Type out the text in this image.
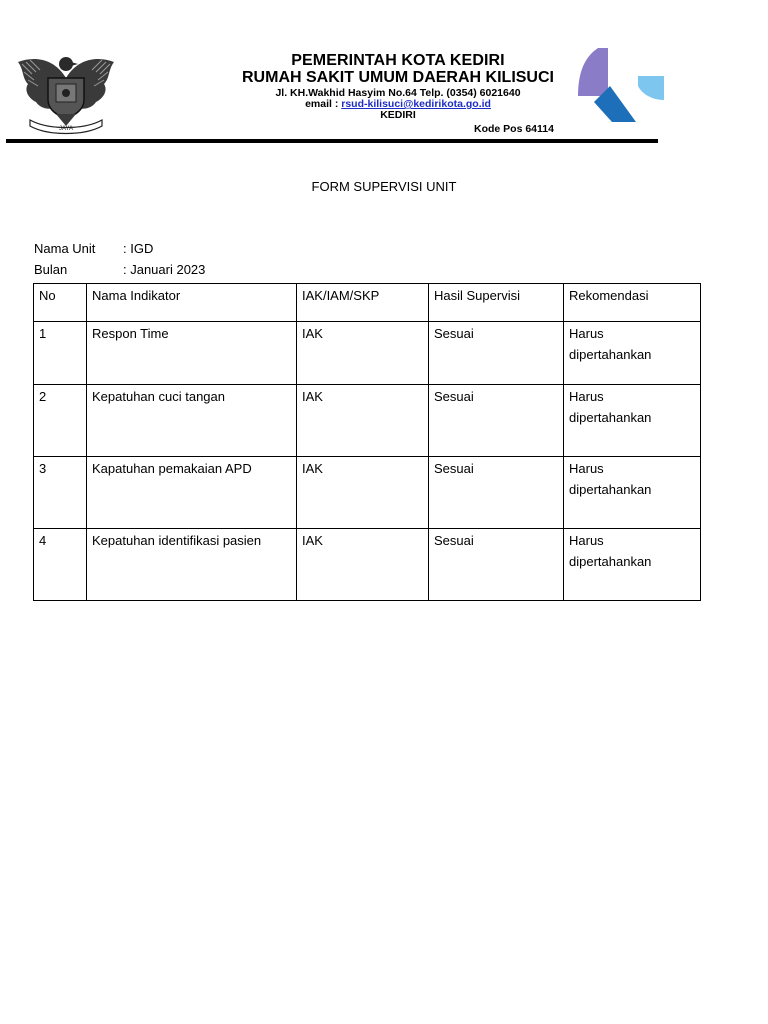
JAYA
PEMERINTAH KOTA KEDIRI
RUMAH SAKIT UMUM DAERAH KILISUCI
Jl. KH.Wakhid Hasyim No.64 Telp. (0354) 6021640
email : rsud-kilisuci@kedirikota.go.id
KEDIRI
Kode Pos 64114
FORM SUPERVISI UNIT
Nama Unit : IGD
Bulan	: Januari 2023
No	Nama Indikator	IAK/IAM/SKP	Hasil Supervisi	Rekomendasi
1	Respon Time	IAK	Sesuai	Harus
dipertahankan

2	Kepatuhan cuci tangan	IAK	Sesuai	Harus
dipertahankan

3	Kapatuhan pemakaian APD	IAK	Sesuai	Harus
dipertahankan

4	Kepatuhan identifikasi pasien	IAK	Sesuai	Harus
dipertahankan
